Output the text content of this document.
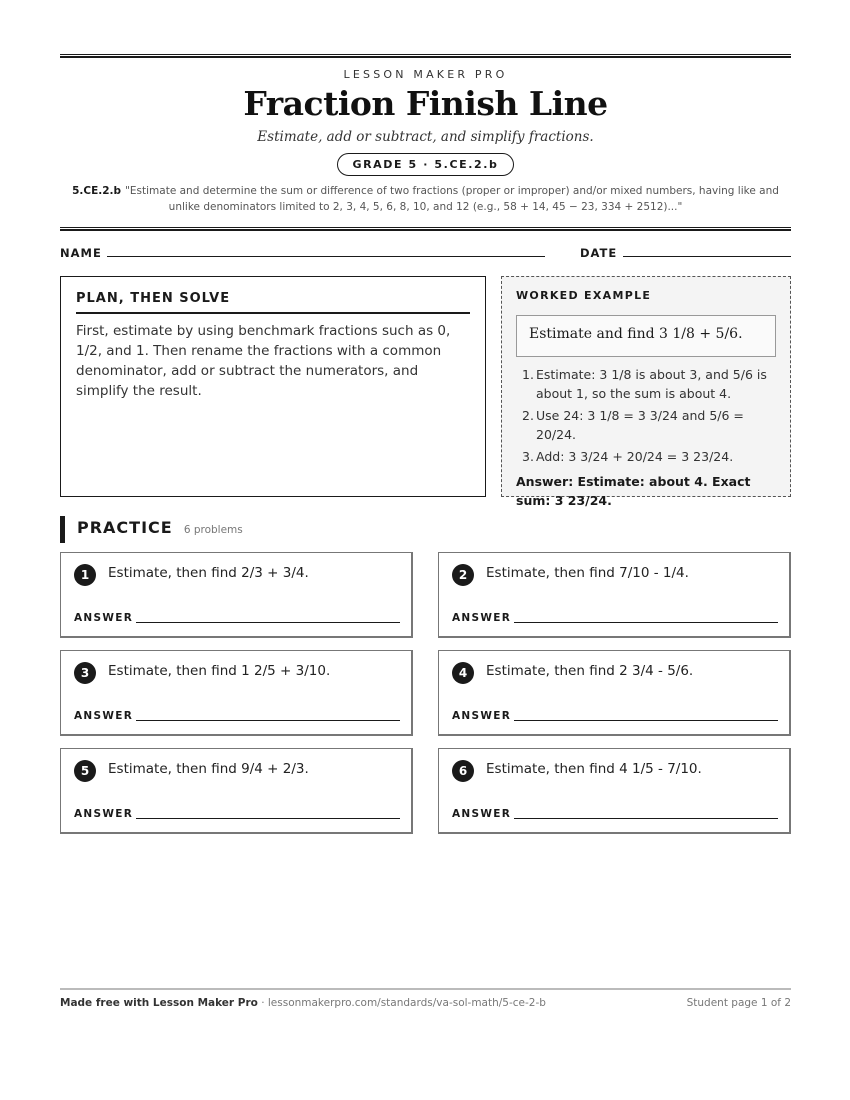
LESSON MAKER PRO
Fraction Finish Line
Estimate, add or subtract, and simplify fractions.
GRADE 5 · 5.CE.2.b
5.CE.2.b "Estimate and determine the sum or difference of two fractions (proper or improper) and/or mixed numbers, having like and unlike denominators limited to 2, 3, 4, 5, 6, 8, 10, and 12 (e.g., 58 + 14, 45 − 23, 334 + 2512)..."
NAME	DATE
PLAN, THEN SOLVE
First, estimate by using benchmark fractions such as 0, 1/2, and 1. Then rename the fractions with a common denominator, add or subtract the numerators, and simplify the result.
WORKED EXAMPLE
Estimate and find 3 1/8 + 5/6.
1. Estimate: 3 1/8 is about 3, and 5/6 is about 1, so the sum is about 4.
2. Use 24: 3 1/8 = 3 3/24 and 5/6 = 20/24.
3. Add: 3 3/24 + 20/24 = 3 23/24.
Answer: Estimate: about 4. Exact sum: 3 23/24.
PRACTICE 6 problems
1	Estimate, then find 2/3 + 3/4.
ANSWER
2	Estimate, then find 7/10 - 1/4.
ANSWER
3	Estimate, then find 1 2/5 + 3/10.
ANSWER
4	Estimate, then find 2 3/4 - 5/6.
ANSWER
5	Estimate, then find 9/4 + 2/3.
ANSWER
6	Estimate, then find 4 1/5 - 7/10.
ANSWER
Made free with Lesson Maker Pro · lessonmakerpro.com/standards/va-sol-math/5-ce-2-b	Student page 1 of 2
